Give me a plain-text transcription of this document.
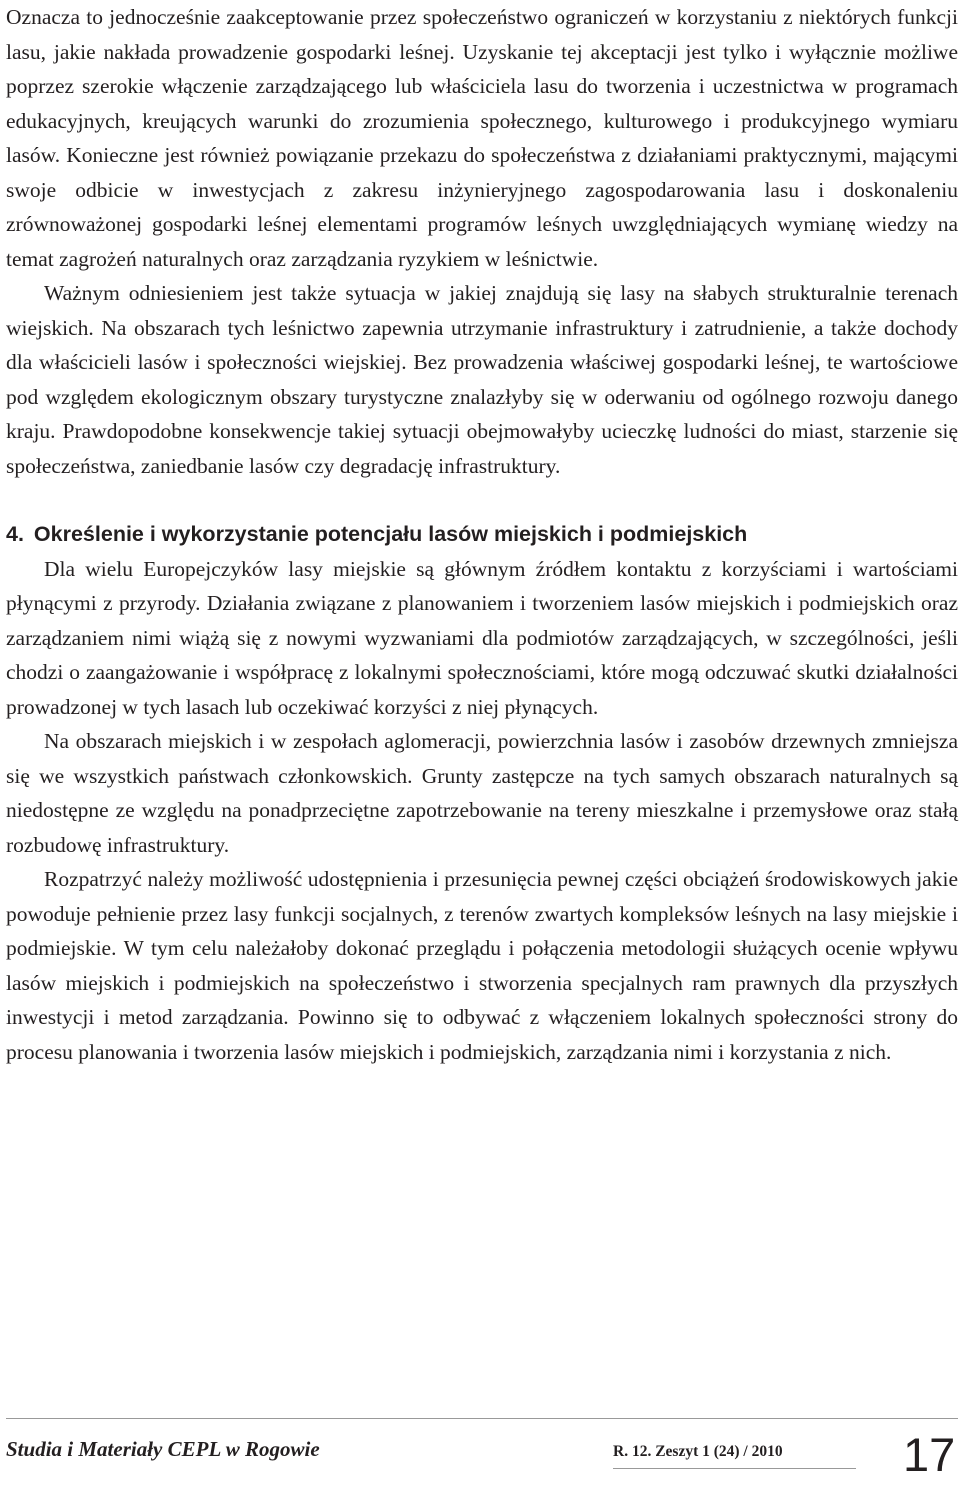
Oznacza to jednocześnie zaakceptowanie przez społeczeństwo ograniczeń w korzystaniu z niektórych funkcji lasu, jakie nakłada prowadzenie gospodarki leśnej. Uzyskanie tej akceptacji jest tylko i wyłącznie możliwe poprzez szerokie włączenie zarządzającego lub właściciela lasu do tworzenia i uczestnictwa w programach edukacyjnych, kreujących warunki do zrozumienia społecznego, kulturowego i produkcyjnego wymiaru lasów. Konieczne jest również powiązanie przekazu do społeczeństwa z działaniami praktycznymi, mającymi swoje odbicie w inwestycjach z zakresu inżynieryjnego zagospodarowania lasu i doskonaleniu zrównoważonej gospodarki leśnej elementami programów leśnych uwzględniających wymianę wiedzy na temat zagrożeń naturalnych oraz zarządzania ryzykiem w leśnictwie.

Ważnym odniesieniem jest także sytuacja w jakiej znajdują się lasy na słabych strukturalnie terenach wiejskich. Na obszarach tych leśnictwo zapewnia utrzymanie infrastruktury i zatrudnienie, a także dochody dla właścicieli lasów i społeczności wiejskiej. Bez prowadzenia właściwej gospodarki leśnej, te wartościowe pod względem ekologicznym obszary turystyczne znalazłyby się w oderwaniu od ogólnego rozwoju danego kraju. Prawdopodobne konsekwencje takiej sytuacji obejmowałyby ucieczkę ludności do miast, starzenie się społeczeństwa, zaniedbanie lasów czy degradację infrastruktury.

4. Określenie i wykorzystanie potencjału lasów miejskich i podmiejskich

Dla wielu Europejczyków lasy miejskie są głównym źródłem kontaktu z korzyściami i wartościami płynącymi z przyrody. Działania związane z planowaniem i tworzeniem lasów miejskich i podmiejskich oraz zarządzaniem nimi wiążą się z nowymi wyzwaniami dla podmiotów zarządzających, w szczególności, jeśli chodzi o zaangażowanie i współpracę z lokalnymi społecznościami, które mogą odczuwać skutki działalności prowadzonej w tych lasach lub oczekiwać korzyści z niej płynących.

Na obszarach miejskich i w zespołach aglomeracji, powierzchnia lasów i zasobów drzewnych zmniejsza się we wszystkich państwach członkowskich. Grunty zastępcze na tych samych obszarach naturalnych są niedostępne ze względu na ponadprzeciętne zapotrzebowanie na tereny mieszkalne i przemysłowe oraz stałą rozbudowę infrastruktury.

Rozpatrzyć należy możliwość udostępnienia i przesunięcia pewnej części obciążeń środowiskowych jakie powoduje pełnienie przez lasy funkcji socjalnych, z terenów zwartych kompleksów leśnych na lasy miejskie i podmiejskie. W tym celu należałoby dokonać przeglądu i połączenia metodologii służących ocenie wpływu lasów miejskich i podmiejskich na społeczeństwo i stworzenia specjalnych ram prawnych dla przyszłych inwestycji i metod zarządzania. Powinno się to odbywać z włączeniem lokalnych społeczności strony do procesu planowania i tworzenia lasów miejskich i podmiejskich, zarządzania nimi i korzystania z nich.

Studia i Materiały CEPL w Rogowie	R. 12. Zeszyt 1 (24) / 2010	17
